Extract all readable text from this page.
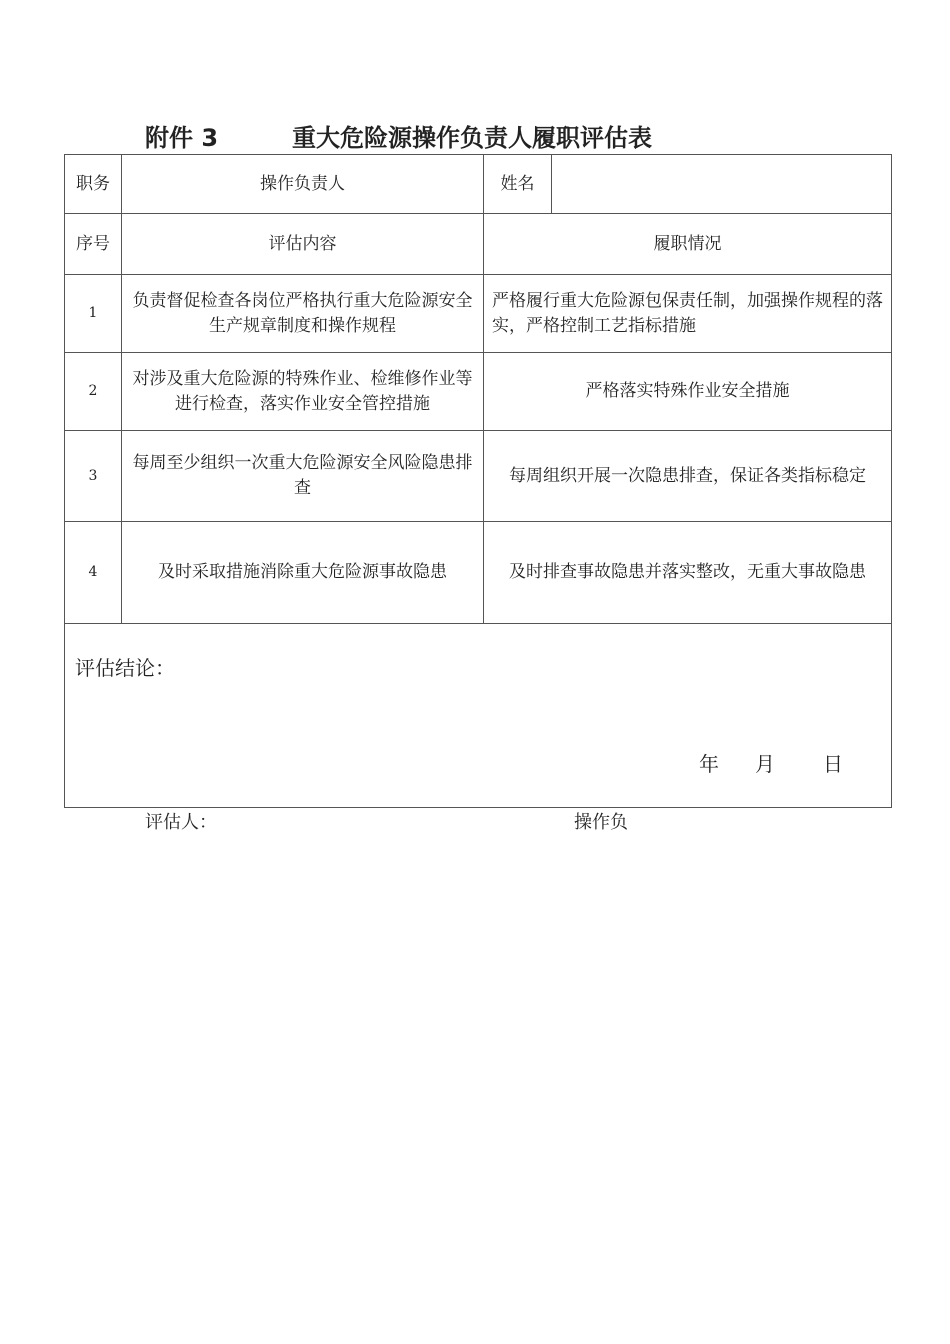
附件 3	重大危险源操作负责人履职评估表
职务	操作负责人	姓名	
序号	评估内容	履职情况	
1	负责督促检查各岗位严格执行重大危险源安全生产规章制度和操作规程	严格履行重大危险源包保责任制，加强操作规程的落实，严格控制工艺指标措施	
2	对涉及重大危险源的特殊作业、检维修作业等进行检查，落实作业安全管控措施	严格落实特殊作业安全措施	
3	每周至少组织一次重大危险源安全风险隐患排查	每周组织开展一次隐患排查，保证各类指标稳定	
4	及时采取措施消除重大危险源事故隐患	及时排查事故隐患并落实整改，无重大事故隐患	

评估结论：
年 月 日			
评估人：	操作负
